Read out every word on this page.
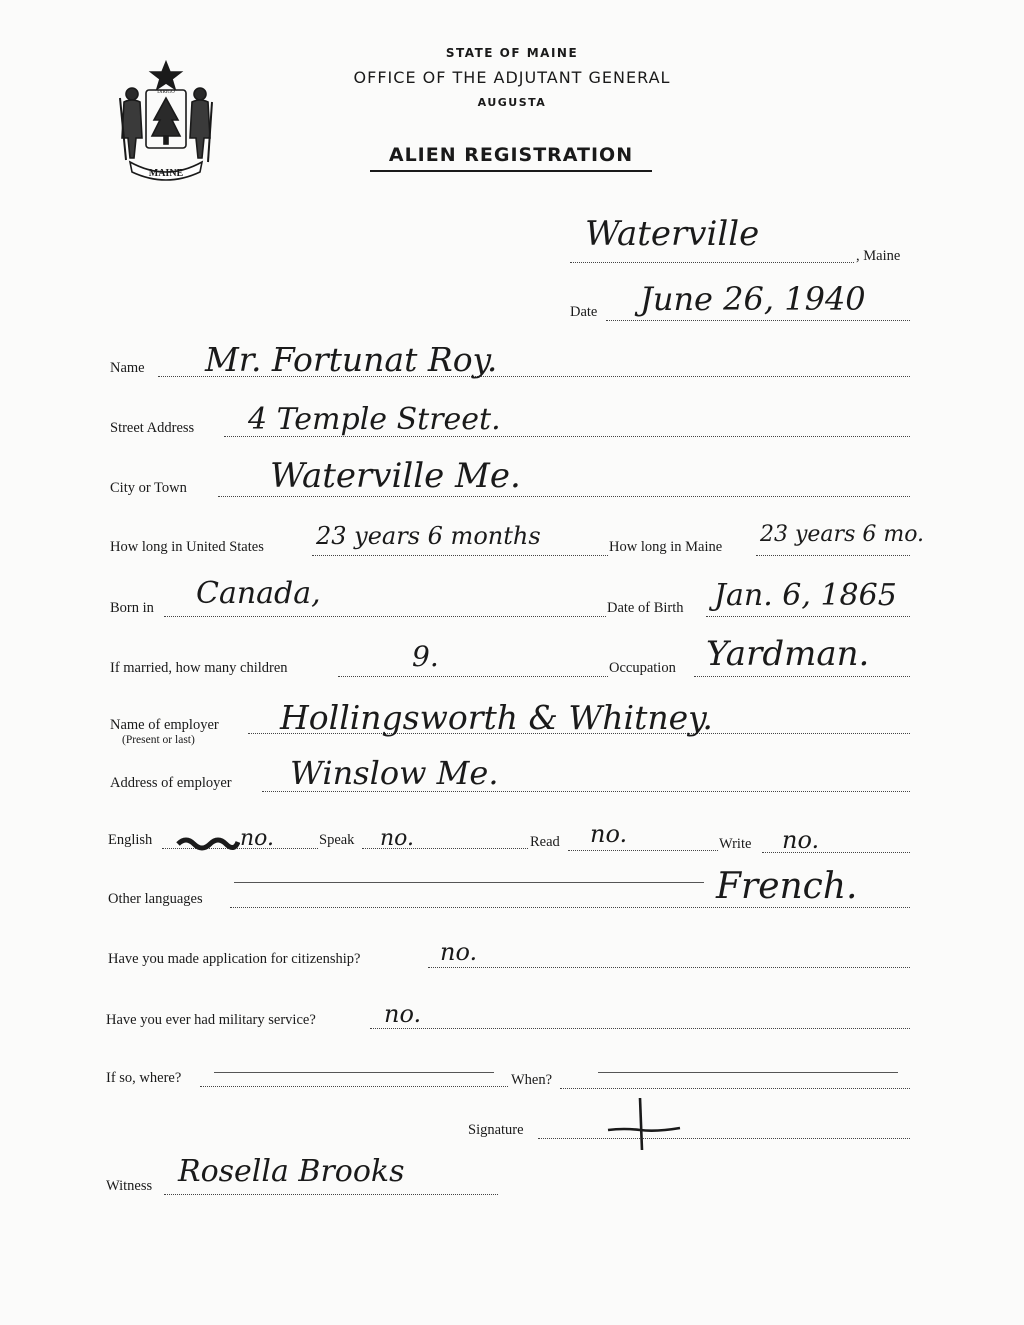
MAINE
DIRIGO
STATE OF MAINE
OFFICE OF THE ADJUTANT GENERAL
AUGUSTA
ALIEN REGISTRATION
Waterville
, Maine
Date June 26, 1940
Name Mr. Fortunat Roy.
Street Address 4 Temple Street.
City or Town Waterville Me.
How long in United States 23 years 6 months	How long in Maine 23 years 6 mo.
Born in Canada,	Date of Birth Jan. 6, 1865
If married, how many children	9.	Occupation Yardman.
Name of employer
(Present or last)
Hollingsworth & Whitney.
Address of employer Winslow Me.
English	no.	Speak no.	Read no.	Write no.
Other languages	French.
Have you made application for citizenship?	no.
Have you ever had military service?	no.
If so, where?	When?
Signature
Witness Rosella Brooks
